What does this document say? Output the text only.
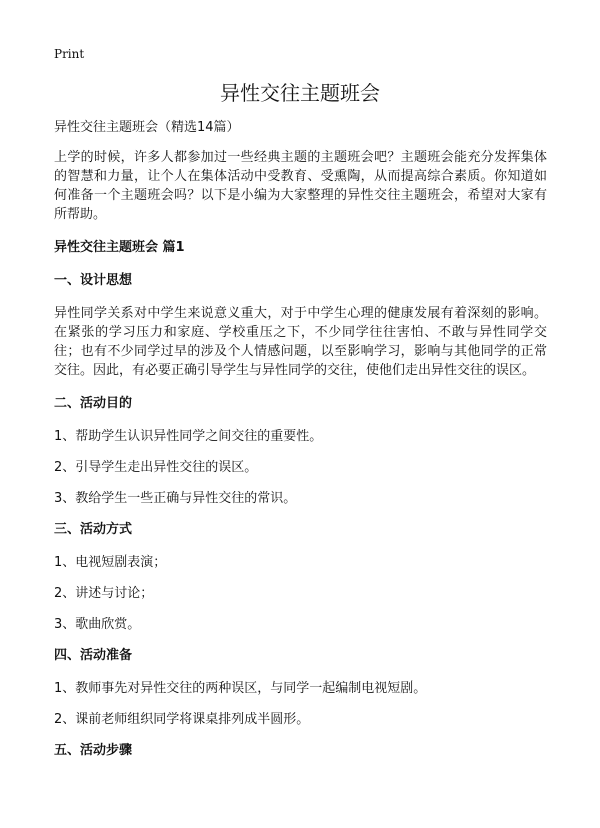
Print
异性交往主题班会

异性交往主题班会（精选14篇）

上学的时候，许多人都参加过一些经典主题的主题班会吧？主题班会能充分发挥集体的智慧和力量，让个人在集体活动中受教育、受熏陶，从而提高综合素质。你知道如何准备一个主题班会吗？以下是小编为大家整理的异性交往主题班会，希望对大家有所帮助。

异性交往主题班会 篇1

一、设计思想

异性同学关系对中学生来说意义重大，对于中学生心理的健康发展有着深刻的影响。在紧张的学习压力和家庭、学校重压之下，不少同学往往害怕、不敢与异性同学交往；也有不少同学过早的涉及个人情感问题，以至影响学习，影响与其他同学的正常交往。因此，有必要正确引导学生与异性同学的交往，使他们走出异性交往的误区。

二、活动目的

1、帮助学生认识异性同学之间交往的重要性。

2、引导学生走出异性交往的误区。

3、教给学生一些正确与异性交往的常识。

三、活动方式

1、电视短剧表演；

2、讲述与讨论；

3、歌曲欣赏。

四、活动准备

1、教师事先对异性交往的两种误区，与同学一起编制电视短剧。

2、课前老师组织同学将课桌排列成半圆形。

五、活动步骤
